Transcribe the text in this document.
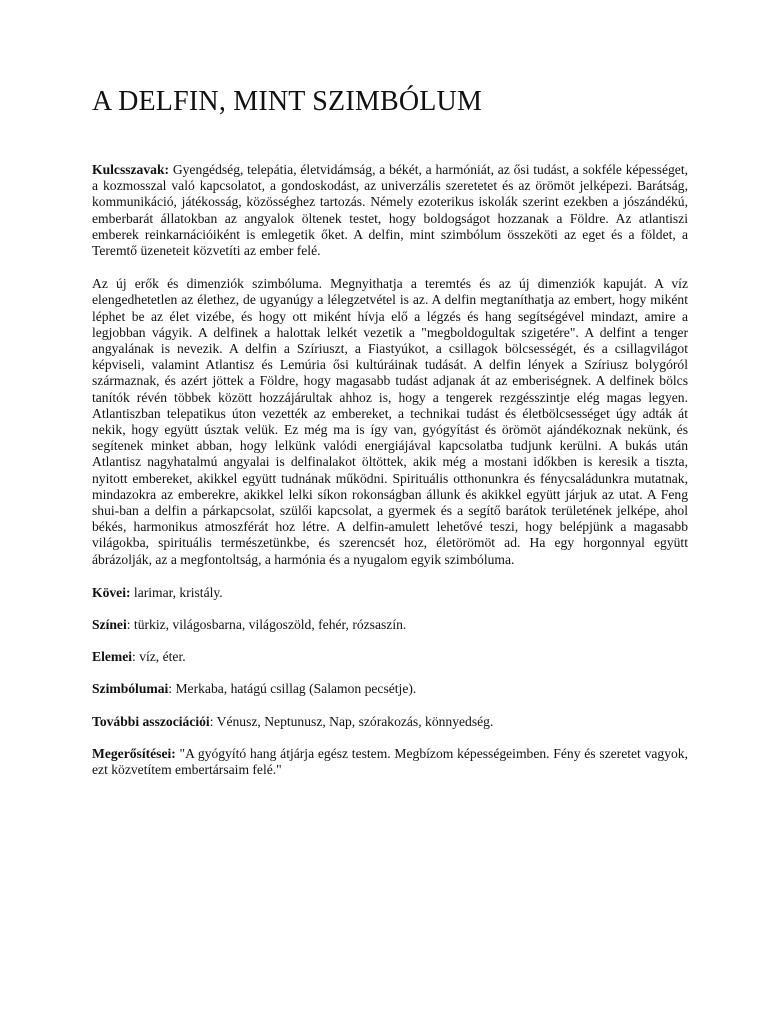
A DELFIN, MINT SZIMBÓLUM

Kulcsszavak: Gyengédség, telepátia, életvidámság, a békét, a harmóniát, az ősi tudást, a sokféle képességet, a kozmosszal való kapcsolatot, a gondoskodást, az univerzális szeretetet és az örömöt jelképezi. Barátság, kommunikáció, játékosság, közösséghez tartozás. Némely ezoterikus iskolák szerint ezekben a jószándékú, emberbarát állatokban az angyalok öltenek testet, hogy boldogságot hozzanak a Földre. Az atlantiszi emberek reinkarnációiként is emlegetik őket. A delfin, mint szimbólum összeköti az eget és a földet, a Teremtő üzeneteit közvetíti az ember felé.

Az új erők és dimenziók szimbóluma. Megnyithatja a teremtés és az új dimenziók kapuját. A víz elengedhetetlen az élethez, de ugyanúgy a lélegzetvétel is az. A delfin megtaníthatja az embert, hogy miként léphet be az élet vizébe, és hogy ott miként hívja elő a légzés és hang segítségével mindazt, amire a legjobban vágyik. A delfinek a halottak lelkét vezetik a "megboldogultak szigetére". A delfint a tenger angyalának is nevezik. A delfin a Szíriuszt, a Fiastyúkot, a csillagok bölcsességét, és a csillagvilágot képviseli, valamint Atlantisz és Lemúria ősi kultúráinak tudását. A delfin lények a Szíriusz bolygóról származnak, és azért jöttek a Földre, hogy magasabb tudást adjanak át az emberiségnek. A delfinek bölcs tanítók révén többek között hozzájárultak ahhoz is, hogy a tengerek rezgésszintje elég magas legyen. Atlantiszban telepatikus úton vezették az embereket, a technikai tudást és életbölcsességet úgy adták át nekik, hogy együtt úsztak velük. Ez még ma is így van, gyógyítást és örömöt ajándékoznak nekünk, és segítenek minket abban, hogy lelkünk valódi energiájával kapcsolatba tudjunk kerülni. A bukás után Atlantisz nagyhatalmú angyalai is delfinalakot öltöttek, akik még a mostani időkben is keresik a tiszta, nyitott embereket, akikkel együtt tudnának működni. Spirituális otthonunkra és fénycsaládunkra mutatnak, mindazokra az emberekre, akikkel lelki síkon rokonságban állunk és akikkel együtt járjuk az utat. A Feng shui-ban a delfin a párkapcsolat, szülői kapcsolat, a gyermek és a segítő barátok területének jelképe, ahol békés, harmonikus atmoszférát hoz létre. A delfin-amulett lehetővé teszi, hogy belépjünk a magasabb világokba, spirituális természetünkbe, és szerencsét hoz, életörömöt ad. Ha egy horgonnyal együtt ábrázolják, az a megfontoltság, a harmónia és a nyugalom egyik szimbóluma.

Kövei: larimar, kristály.

Színei: türkiz, világosbarna, világoszöld, fehér, rózsaszín.

Elemei: víz, éter.

Szimbólumai: Merkaba, hatágú csillag (Salamon pecsétje).

További asszociációi: Vénusz, Neptunusz, Nap, szórakozás, könnyedség.

Megerősítései: "A gyógyító hang átjárja egész testem. Megbízom képességeimben. Fény és szeretet vagyok, ezt közvetítem embertársaim felé."
